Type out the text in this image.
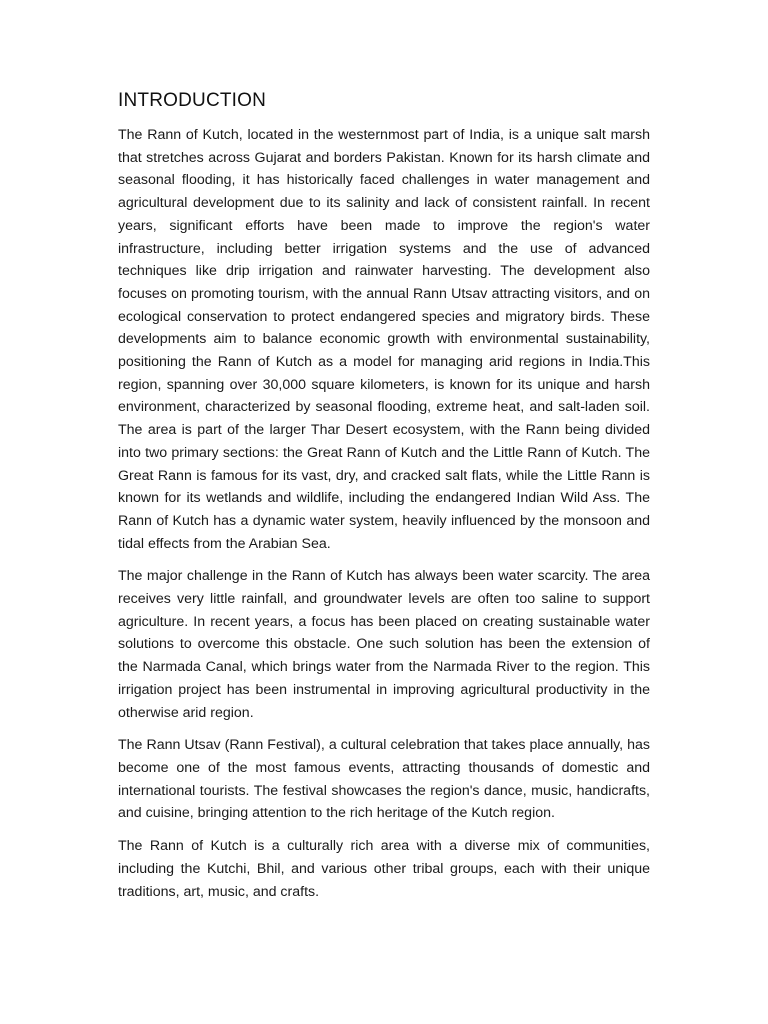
INTRODUCTION

The Rann of Kutch, located in the westernmost part of India, is a unique salt marsh that stretches across Gujarat and borders Pakistan. Known for its harsh climate and seasonal flooding, it has historically faced challenges in water management and agricultural development due to its salinity and lack of consistent rainfall. In recent years, significant efforts have been made to improve the region's water infrastructure, including better irrigation systems and the use of advanced techniques like drip irrigation and rainwater harvesting. The development also focuses on promoting tourism, with the annual Rann Utsav attracting visitors, and on ecological conservation to protect endangered species and migratory birds. These developments aim to balance economic growth with environmental sustainability, positioning the Rann of Kutch as a model for managing arid regions in India.This region, spanning over 30,000 square kilometers, is known for its unique and harsh environment, characterized by seasonal flooding, extreme heat, and salt-laden soil. The area is part of the larger Thar Desert ecosystem, with the Rann being divided into two primary sections: the Great Rann of Kutch and the Little Rann of Kutch. The Great Rann is famous for its vast, dry, and cracked salt flats, while the Little Rann is known for its wetlands and wildlife, including the endangered Indian Wild Ass. The Rann of Kutch has a dynamic water system, heavily influenced by the monsoon and tidal effects from the Arabian Sea.

The major challenge in the Rann of Kutch has always been water scarcity. The area receives very little rainfall, and groundwater levels are often too saline to support agriculture. In recent years, a focus has been placed on creating sustainable water solutions to overcome this obstacle. One such solution has been the extension of the Narmada Canal, which brings water from the Narmada River to the region. This irrigation project has been instrumental in improving agricultural productivity in the otherwise arid region.

The Rann Utsav (Rann Festival), a cultural celebration that takes place annually, has become one of the most famous events, attracting thousands of domestic and international tourists. The festival showcases the region's dance, music, handicrafts, and cuisine, bringing attention to the rich heritage of the Kutch region.

The Rann of Kutch is a culturally rich area with a diverse mix of communities, including the Kutchi, Bhil, and various other tribal groups, each with their unique traditions, art, music, and crafts.
